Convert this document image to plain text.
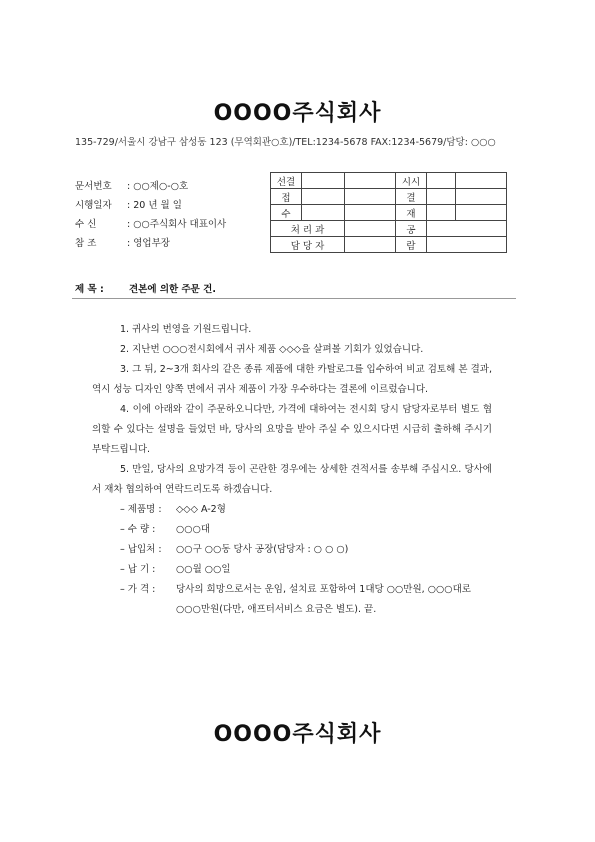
OOOO주식회사
135-729/서울시 강남구 삼성동 123 (무역회관○호)/TEL:1234-5678 FAX:1234-5679/담당: ○○○
문서번호	: ○○제○-○호
시행일자	: 20 년 월 일
수 신	: ○○주식회사 대표이사
참 조	: 영업부장
선결			시시		
접			결		
수			재		
처 리 과			공		
담 당 자			람		
제 목 :	견본에 의한 주문 건.

1. 귀사의 번영을 기원드립니다.

2. 지난번 ○○○전시회에서 귀사 제품 ◇◇◇을 살펴볼 기회가 있었습니다.

3. 그 뒤, 2~3개 회사의 같은 종류 제품에 대한 카탈로그를 입수하여 비교 검토해 본 결과, 역시 성능 디자인 양쪽 면에서 귀사 제품이 가장 우수하다는 결론에 이르렀습니다.

4. 이에 아래와 같이 주문하오니다만, 가격에 대하여는 전시회 당시 담당자로부터 별도 협의할 수 있다는 설명을 들었던 바, 당사의 요망을 받아 주실 수 있으시다면 시급히 출하해 주시기 부탁드립니다.

5. 만일, 당사의 요망가격 등이 곤란한 경우에는 상세한 견적서를 송부해 주십시오. 당사에서 재차 협의하여 연락드리도록 하겠습니다.

– 제품명 :	◇◇◇ A-2형
– 수 량 :	○○○대
– 납입처 :	○○구 ○○동 당사 공장(담당자 : ○ ○ ○)
– 납 기 :	○○월 ○○일
– 가 격 :	당사의 희망으로서는 운임, 설치료 포함하여 1대당 ○○만원, ○○○대로 ○○○만원(다만, 애프터서비스 요금은 별도). 끝.
OOOO주식회사
